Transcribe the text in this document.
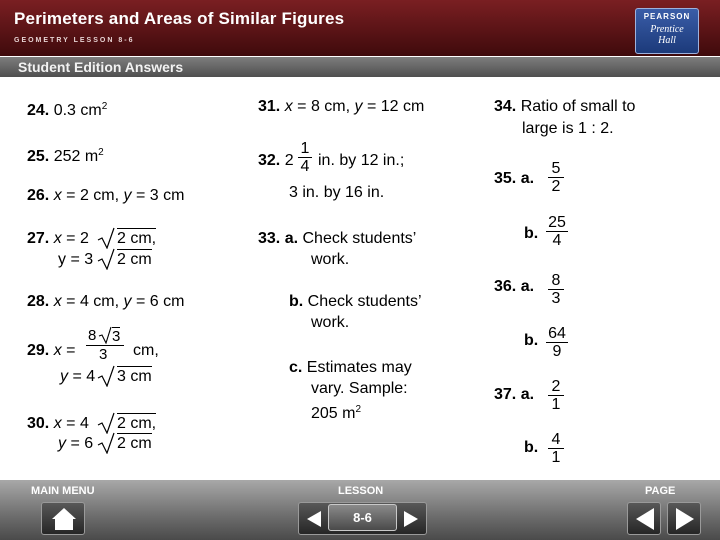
Perimeters and Areas of Similar Figures
GEOMETRY LESSON 8-6
PEARSON
Prentice
Hall
Student Edition Answers
24. 0.3 $cm^2$
25. 252 $m^2$
26. x = 2 cm, y = 3 cm
27. x = 2 2 cm,
y = 3 2 cm
28. x = 4 cm, y = 6 cm
29. x =
8 3
3 cm,
y = 4 3 cm
30. x = 4 2 cm,
y = 6 2 cm
31. x = 8 cm, y = 12 cm
32. $2 \frac{1}{4}$ in. by 12 in.;
3 in. by 16 in.
33. a. Check students’
work.
b. Check students’
work.
c. Estimates may
vary. Sample:
205 $m^2$
34. Ratio of small to
large is 1 : 2.
35. a. $\frac{5}{2}$
b. $\frac{25}{4}$
36. a. $\frac{8}{3}$
b. $\frac{64}{9}$
37. a. $\frac{2}{1}$
b. $\frac{4}{1}$
MAIN MENU	LESSON	PAGE
8-6
